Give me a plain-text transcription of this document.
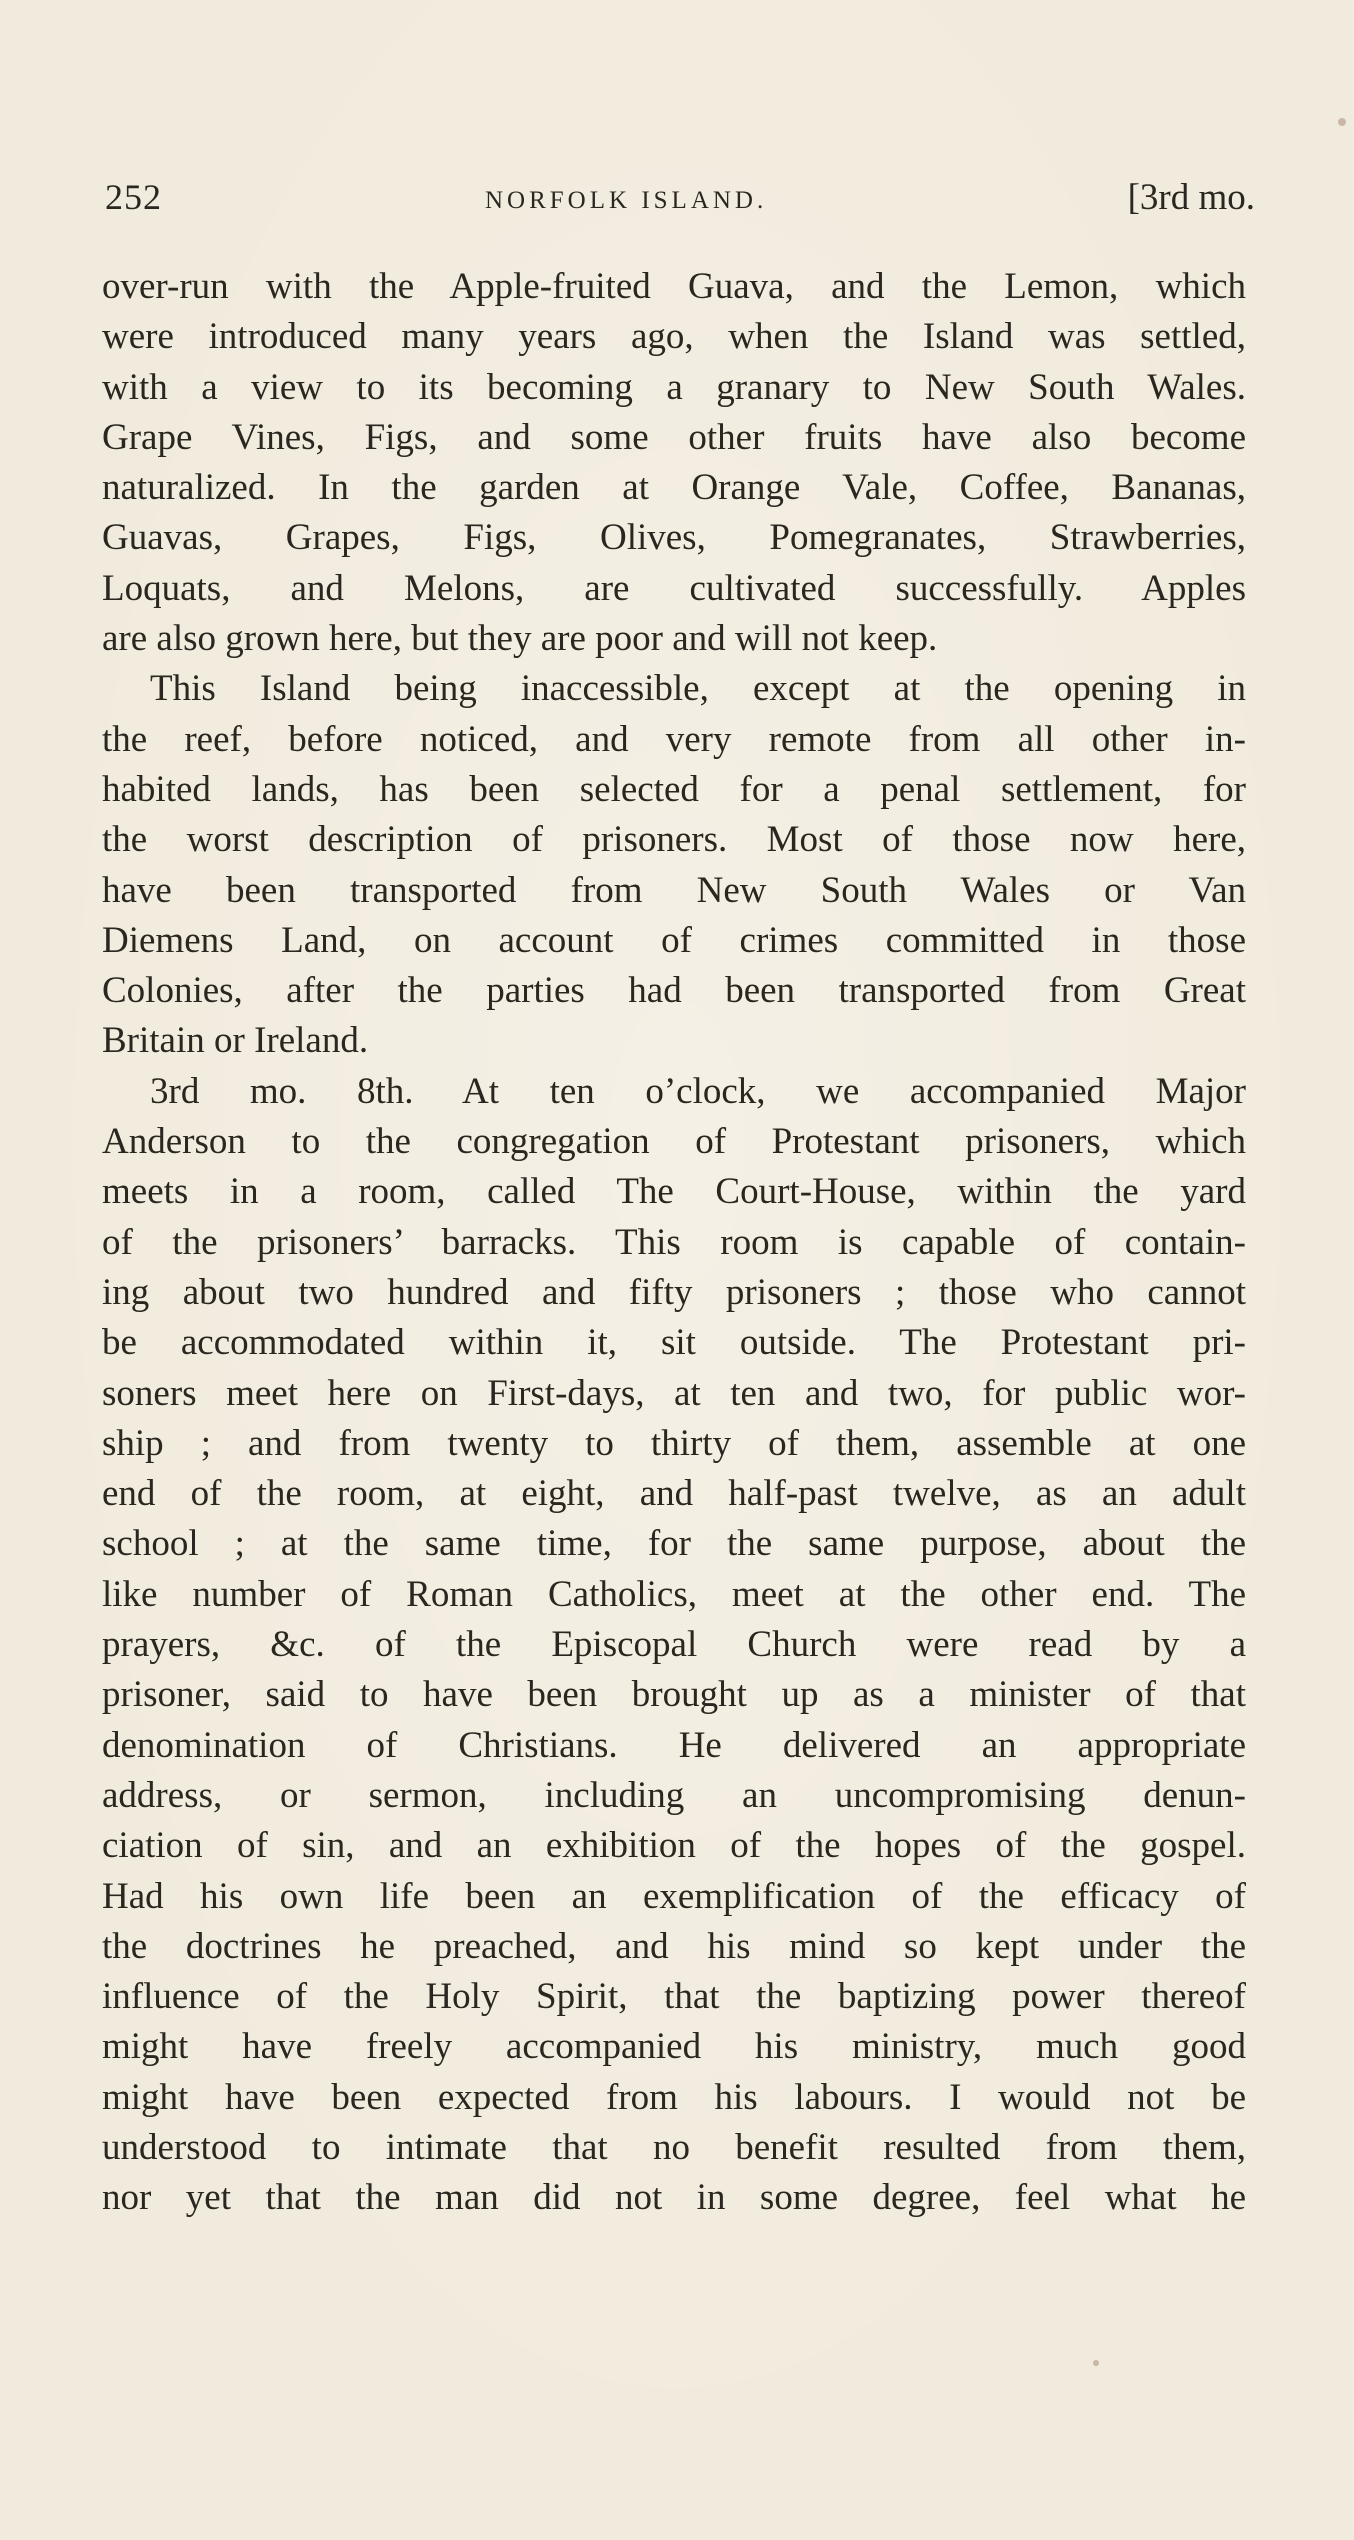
252	NORFOLK ISLAND.	[3rd mo.
over-run with the Apple-fruited Guava, and the Lemon, which
were introduced many years ago, when the Island was settled,
with a view to its becoming a granary to New South Wales.
Grape Vines, Figs, and some other fruits have also become
naturalized. In the garden at Orange Vale, Coffee, Bananas,
Guavas, Grapes, Figs, Olives, Pomegranates, Strawberries,
Loquats, and Melons, are cultivated successfully. Apples
are also grown here, but they are poor and will not keep.
This Island being inaccessible, except at the opening in
the reef, before noticed, and very remote from all other in-
habited lands, has been selected for a penal settlement, for
the worst description of prisoners. Most of those now here,
have been transported from New South Wales or Van
Diemens Land, on account of crimes committed in those
Colonies, after the parties had been transported from Great
Britain or Ireland.
3rd mo. 8th. At ten o’clock, we accompanied Major
Anderson to the congregation of Protestant prisoners, which
meets in a room, called The Court-House, within the yard
of the prisoners’ barracks. This room is capable of contain-
ing about two hundred and fifty prisoners ; those who cannot
be accommodated within it, sit outside. The Protestant pri-
soners meet here on First-days, at ten and two, for public wor-
ship ; and from twenty to thirty of them, assemble at one
end of the room, at eight, and half-past twelve, as an adult
school ; at the same time, for the same purpose, about the
like number of Roman Catholics, meet at the other end. The
prayers, &c. of the Episcopal Church were read by a
prisoner, said to have been brought up as a minister of that
denomination of Christians. He delivered an appropriate
address, or sermon, including an uncompromising denun-
ciation of sin, and an exhibition of the hopes of the gospel.
Had his own life been an exemplification of the efficacy of
the doctrines he preached, and his mind so kept under the
influence of the Holy Spirit, that the baptizing power thereof
might have freely accompanied his ministry, much good
might have been expected from his labours. I would not be
understood to intimate that no benefit resulted from them,
nor yet that the man did not in some degree, feel what he
